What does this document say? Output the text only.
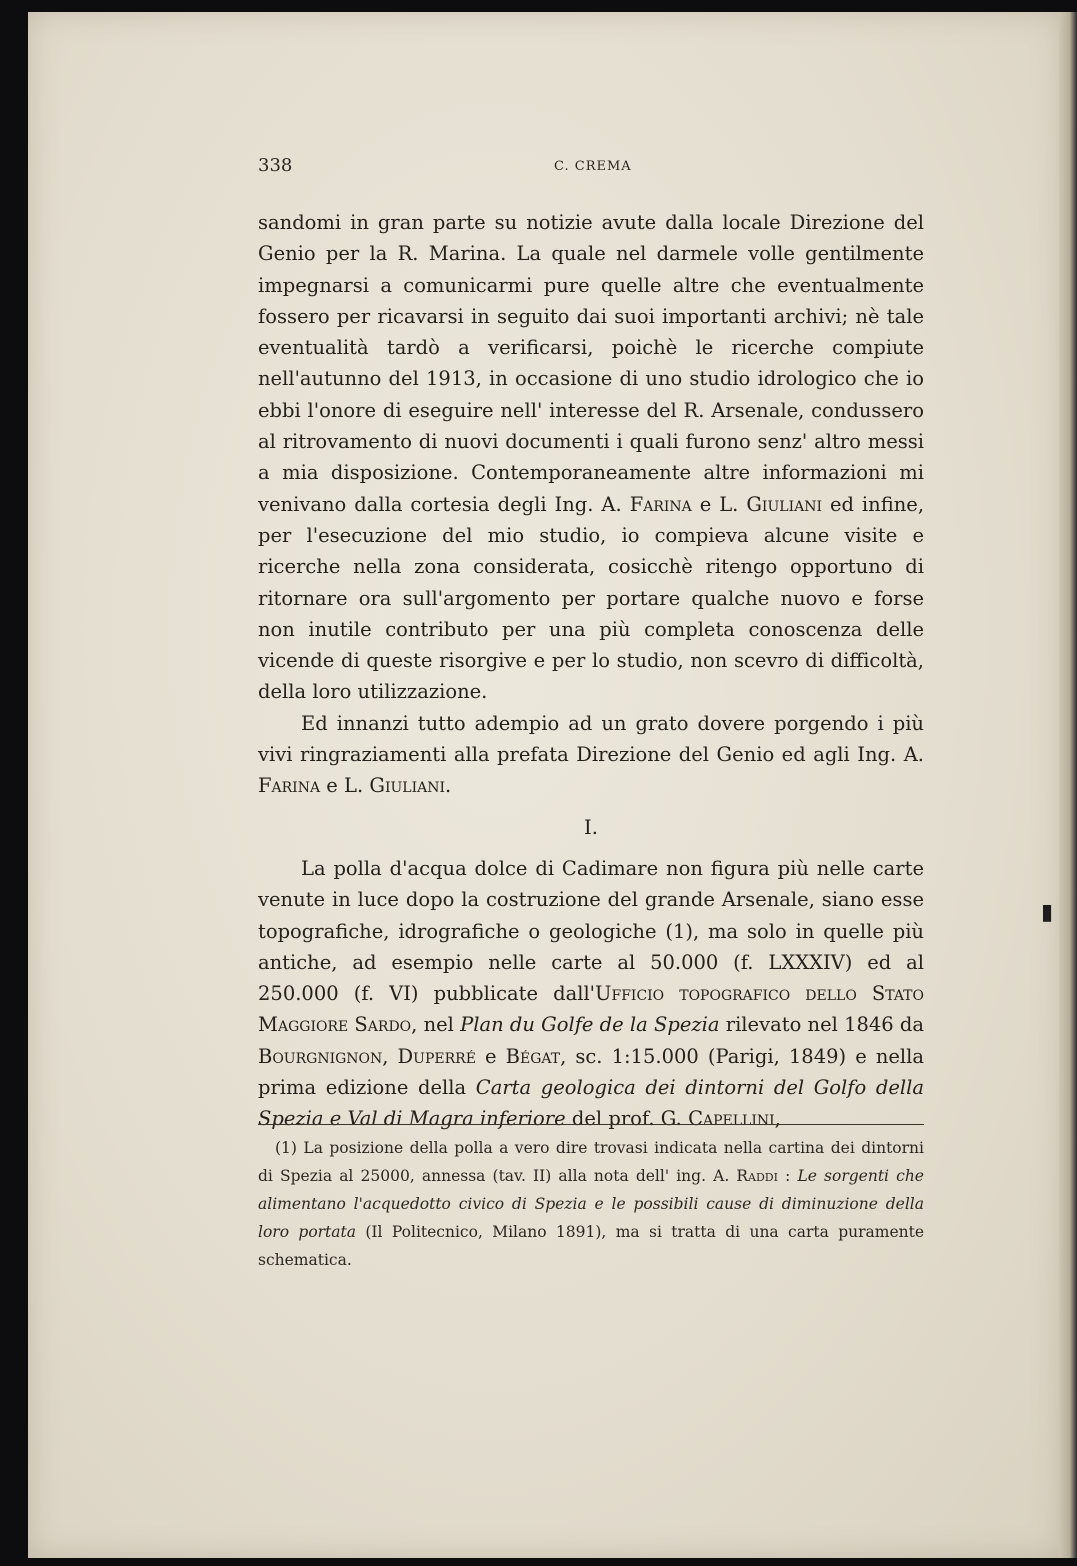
▮
338	C. CREMA

sandomi in gran parte su notizie avute dalla locale Direzione del Genio per la R. Marina. La quale nel darmele volle gentilmente impegnarsi a comunicarmi pure quelle altre che eventualmente fossero per ricavarsi in seguito dai suoi importanti archivi; nè tale eventualità tardò a verificarsi, poichè le ricerche compiute nell'autunno del 1913, in occasione di uno studio idrologico che io ebbi l'onore di eseguire nell' interesse del R. Arsenale, condussero al ritrovamento di nuovi documenti i quali furono senz' altro messi a mia disposizione. Contemporaneamente altre informazioni mi venivano dalla cortesia degli Ing. A. Farina e L. Giuliani ed infine, per l'esecuzione del mio studio, io compieva alcune visite e ricerche nella zona considerata, cosicchè ritengo opportuno di ritornare ora sull'argomento per portare qualche nuovo e forse non inutile contributo per una più completa conoscenza delle vicende di queste risorgive e per lo studio, non scevro di difficoltà, della loro utilizzazione.

Ed innanzi tutto adempio ad un grato dovere porgendo i più vivi ringraziamenti alla prefata Direzione del Genio ed agli Ing. A. Farina e L. Giuliani.

I.

La polla d'acqua dolce di Cadimare non figura più nelle carte venute in luce dopo la costruzione del grande Arsenale, siano esse topografiche, idrografiche o geologiche (1), ma solo in quelle più antiche, ad esempio nelle carte al 50.000 (f. LXXXIV) ed al 250.000 (f. VI) pubblicate dall'Ufficio topografico dello Stato Maggiore Sardo, nel Plan du Golfe de la Spezia rilevato nel 1846 da Bourgnignon, Duperré e Bégat, sc. 1:15.000 (Parigi, 1849) e nella prima edizione della Carta geologica dei dintorni del Golfo della Spezia e Val di Magra inferiore del prof. G. Capellini,

(1) La posizione della polla a vero dire trovasi indicata nella cartina dei dintorni di Spezia al 25000, annessa (tav. II) alla nota dell' ing. A. Raddi : Le sorgenti che alimentano l'acquedotto civico di Spezia e le possibili cause di diminuzione della loro portata (Il Politecnico, Milano 1891), ma si tratta di una carta puramente schematica.
